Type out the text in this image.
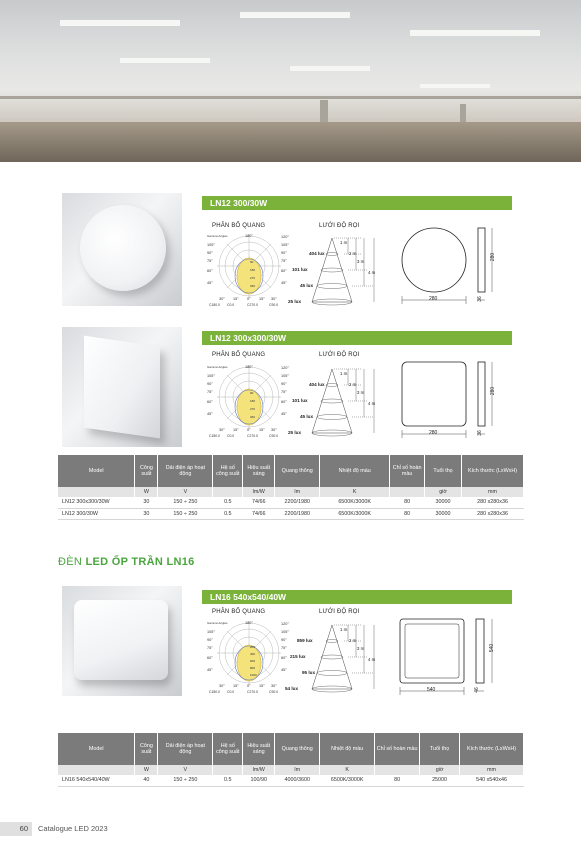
LN12 300/30W
PHÂN BỐ QUANG	LƯỚI ĐỘ RỌI
Gamma Angles	180°
105°
90°
75°
60°
45°
120°
105°
90°
75°
60°
45°
90
180
270
360
30° 15° 0° 15° 30°
C180.0 C0.0	C270.0	C90.0
404 lux
101 lux
45 lux
25 lux
1 m
2 m
3 m
4 m
280
280
36
LN12 300x300/30W
PHÂN BỐ QUANG	LƯỚI ĐỘ RỌI
Gamma Angles	180°
105°
90°
75°
60°
45°
120°
105°
90°
75°
60°
45°
90
180
270
360
30° 15° 0° 15° 30°
C180.0 C0.0	C270.0	C90.0
404 lux
101 lux
45 lux
25 lux
1 m
2 m
3 m
4 m
280
280
36
Model	Công suất	Dải điện áp hoạt động	Hệ số công suất	Hiệu suất sáng	Quang thông	Nhiệt độ màu	Chỉ số hoàn màu	Tuổi thọ	Kích thước (LxWxH)
	W	V		lm/W	lm	K		giờ	mm
LN12 300x300/30W	30	150 ÷ 250	0.5	74/66	2200/1980	6500K/3000K	80	30000	280 x280x36
LN12 300/30W	30	150 ÷ 250	0.5	74/66	2200/1980	6500K/3000K	80	30000	280 x280x36
ĐÈN LED ỐP TRẦN LN16
LN16 540x540/40W
PHÂN BỐ QUANG	LƯỚI ĐỘ RỌI
Gamma Angles	180°
105°
90°
75°
60°
45°
120°
105°
90°
75°
60°
45°
200
400
600
800
1000
30° 15° 0° 15° 30°
C180.0 C0.0	C270.0	C90.0
859 lux
215 lux
95 lux
54 lux
1 m
2 m
3 m
4 m
540
540
46
Model	Công suất	Dải điện áp hoạt động	Hệ số công suất	Hiệu suất sáng	Quang thông	Nhiệt độ màu	Chỉ số hoàn màu	Tuổi thọ	Kích thước (LxWxH)
	W	V		lm/W	lm	K		giờ	mm
LN16 540x540/40W	40	150 ÷ 250	0.5	100/90	4000/3600	6500K/3000K	80	25000	540 x540x46
60	Catalogue LED 2023
